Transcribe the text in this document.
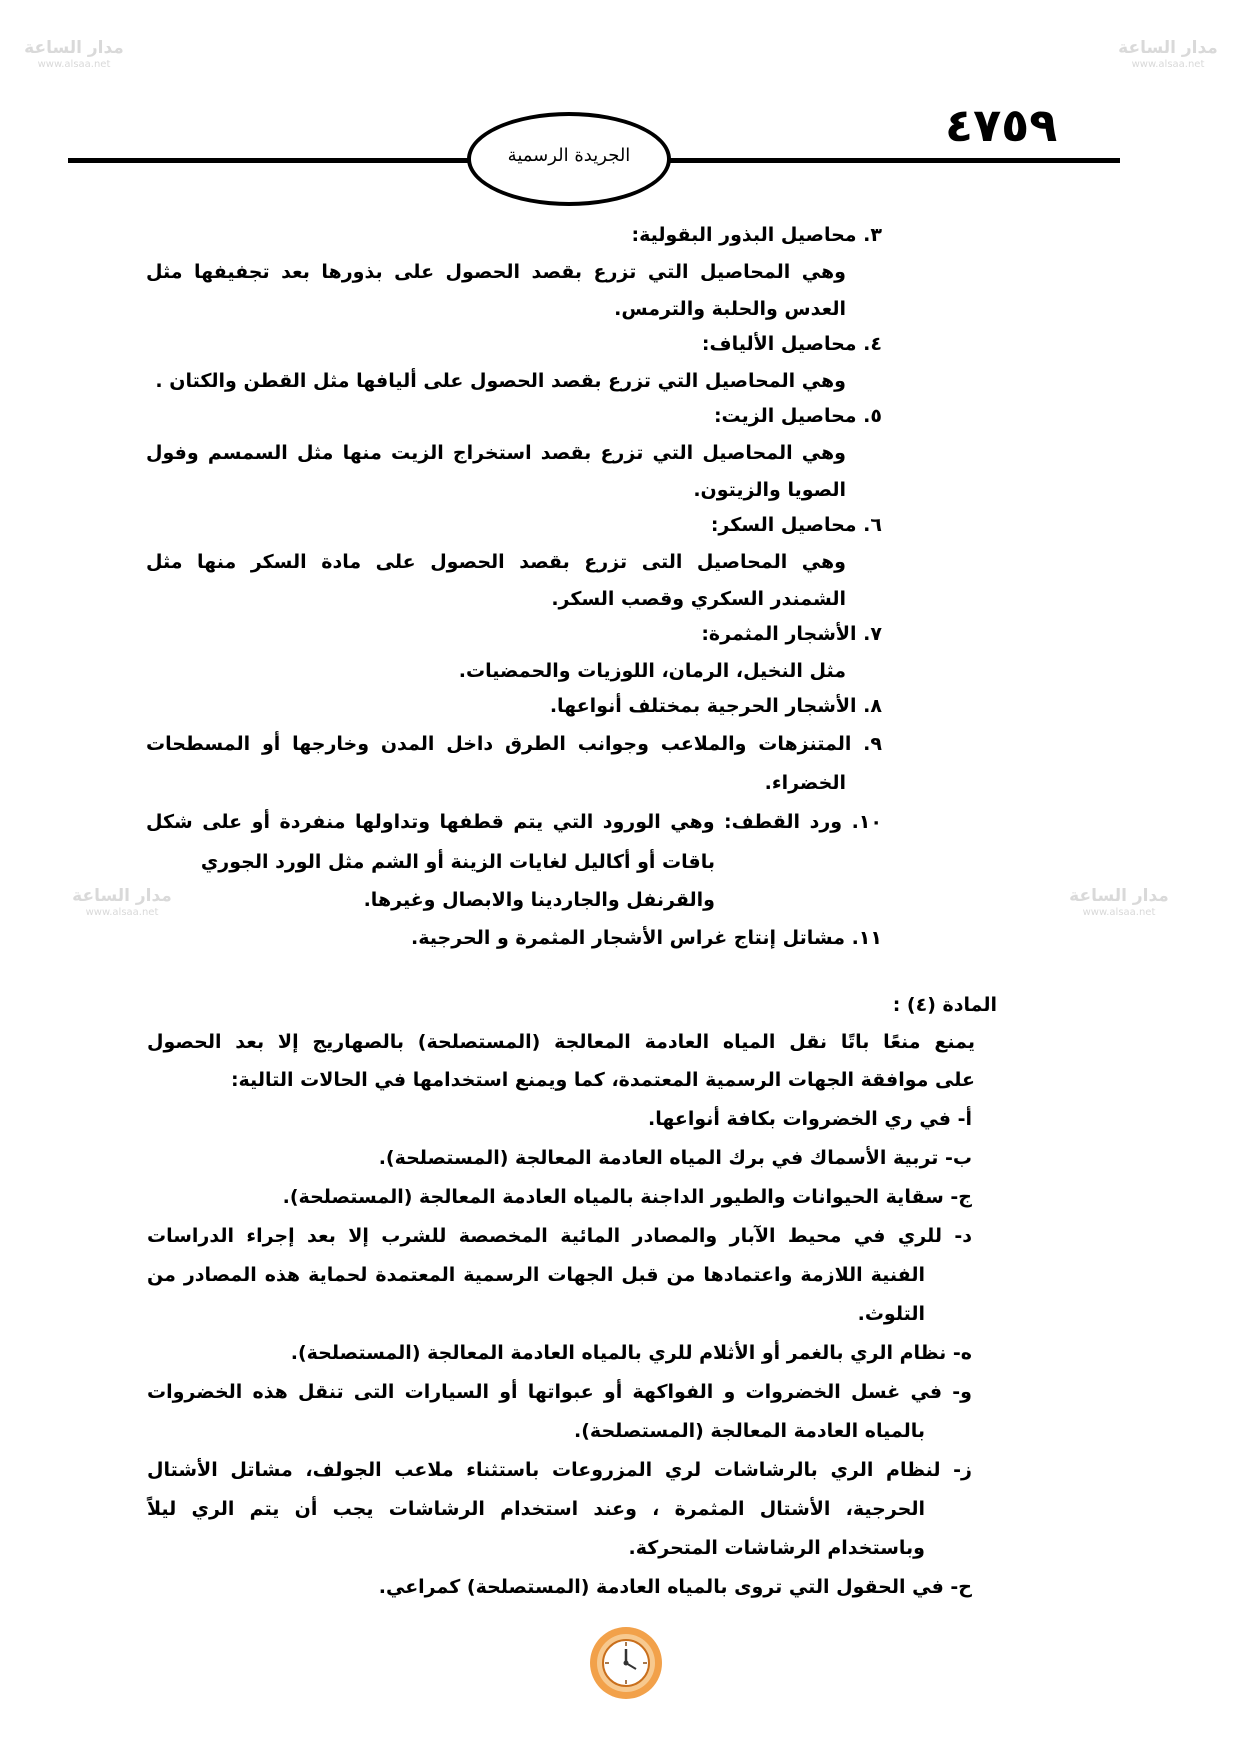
مدار الساعة
www.alsaa.net
مدار الساعة
www.alsaa.net
مدار الساعة
www.alsaa.net
مدار الساعة
www.alsaa.net
٤٧٥٩
الجريدة الرسمية
٣. محاصيل البذور البقولية:
وهي المحاصيل التي تزرع بقصد الحصول على بذورها بعد تجفيفها مثل
العدس والحلبة والترمس.
٤. محاصيل الألياف:
وهي المحاصيل التي تزرع بقصد الحصول على أليافها مثل القطن والكتان .
٥. محاصيل الزيت:
وهي المحاصيل التي تزرع بقصد استخراج الزيت منها مثل السمسم وفول
الصويا والزيتون.
٦. محاصيل السكر:
وهي المحاصيل التى تزرع بقصد الحصول على مادة السكر منها مثل
الشمندر السكري وقصب السكر.
٧. الأشجار المثمرة:
مثل النخيل، الرمان، اللوزيات والحمضيات.
٨. الأشجار الحرجية بمختلف أنواعها.
٩. المتنزهات والملاعب وجوانب الطرق داخل المدن وخارجها أو المسطحات
الخضراء.
١٠. ورد القطف: وهي الورود التي يتم قطفها وتداولها منفردة أو على شكل
باقات أو أكاليل لغايات الزينة أو الشم مثل الورد الجوري
والقرنفل والجاردينا والابصال وغيرها.
١١. مشاتل إنتاج غراس الأشجار المثمرة و الحرجية.
المادة (٤) :
يمنع منعًا باتًا نقل المياه العادمة المعالجة (المستصلحة) بالصهاريج إلا بعد الحصول
على موافقة الجهات الرسمية المعتمدة، كما ويمنع استخدامها في الحالات التالية:
أ- في ري الخضروات بكافة أنواعها.
ب- تربية الأسماك في برك المياه العادمة المعالجة (المستصلحة).
ج- سقاية الحيوانات والطيور الداجنة بالمياه العادمة المعالجة (المستصلحة).
د- للري في محيط الآبار والمصادر المائية المخصصة للشرب إلا بعد إجراء الدراسات
الفنية اللازمة واعتمادها من قبل الجهات الرسمية المعتمدة لحماية هذه المصادر من
التلوث.
ه- نظام الري بالغمر أو الأثلام للري بالمياه العادمة المعالجة (المستصلحة).
و- في غسل الخضروات و الفواكهة أو عبواتها أو السيارات التى تنقل هذه الخضروات
بالمياه العادمة المعالجة (المستصلحة).
ز- لنظام الري بالرشاشات لري المزروعات باستثناء ملاعب الجولف، مشاتل الأشتال
الحرجية، الأشتال المثمرة ، وعند استخدام الرشاشات يجب أن يتم الري ليلاً
وباستخدام الرشاشات المتحركة.
ح- في الحقول التي تروى بالمياه العادمة (المستصلحة) كمراعي.
